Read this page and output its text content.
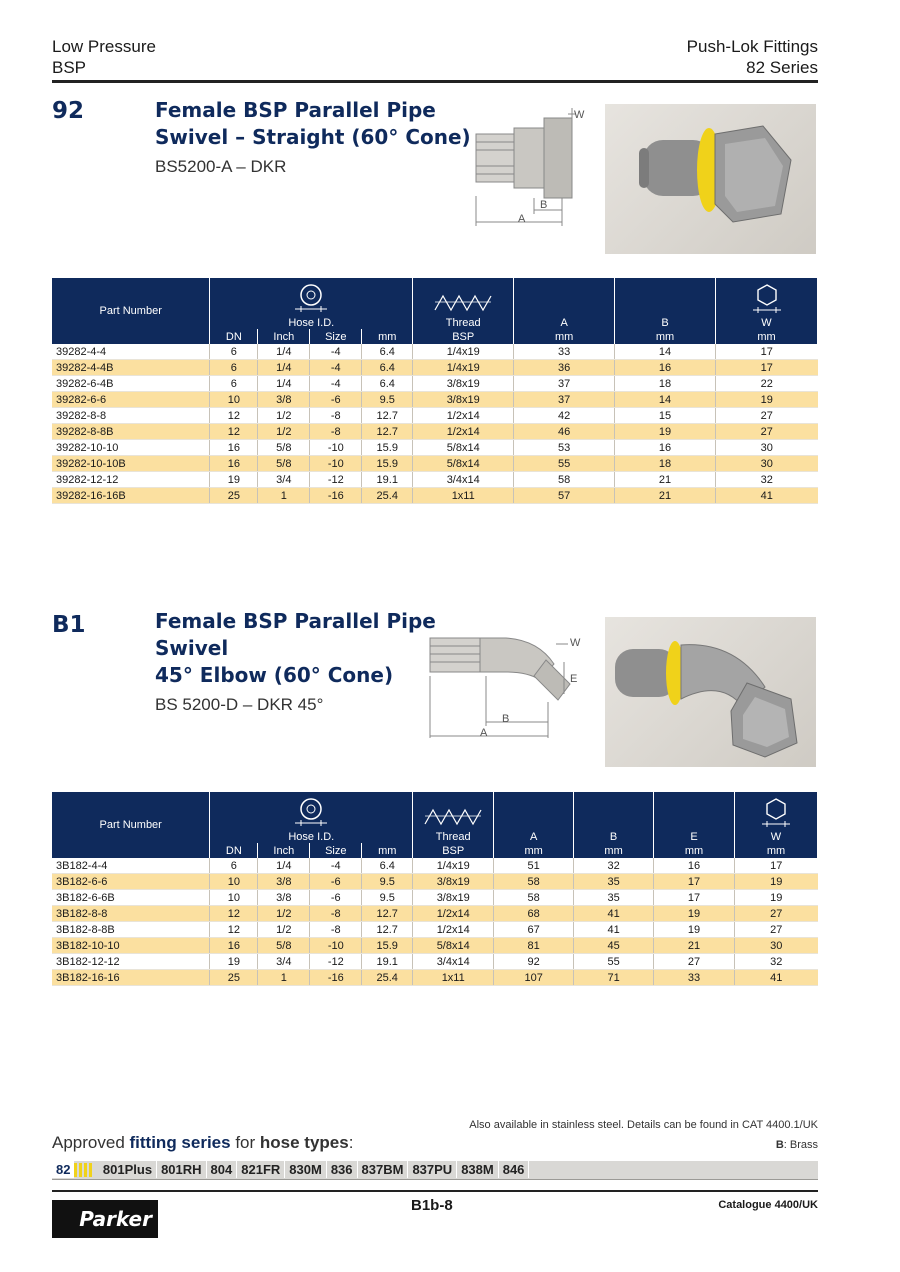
Low Pressure
BSP
Push-Lok Fittings
82 Series
92	Female BSP Parallel Pipe
Swivel – Straight (60° Cone)
BS5200-A – DKR
W
B
A
Part Number	Hose I.D.				Thread	A	B	W

	DN	Inch	Size	mm	BSP	mm	mm	mm
39282-4-4	6	1/4	-4	6.4	1/4x19	33	14	17
39282-4-4B	6	1/4	-4	6.4	1/4x19	36	16	17
39282-6-4B	6	1/4	-4	6.4	3/8x19	37	18	22
39282-6-6	10	3/8	-6	9.5	3/8x19	37	14	19
39282-8-8	12	1/2	-8	12.7	1/2x14	42	15	27
39282-8-8B	12	1/2	-8	12.7	1/2x14	46	19	27
39282-10-10	16	5/8	-10	15.9	5/8x14	53	16	30
39282-10-10B	16	5/8	-10	15.9	5/8x14	55	18	30
39282-12-12	19	3/4	-12	19.1	3/4x14	58	21	32
39282-16-16B	25	1	-16	25.4	1x11	57	21	41
B1	Female BSP Parallel Pipe
Swivel
45° Elbow (60° Cone)
BS 5200-D – DKR 45°
W
E
B
A
Part Number	Hose I.D.				Thread	A	B	E	W

	DN	Inch	Size	mm	BSP	mm	mm	mm	mm
3B182-4-4	6	1/4	-4	6.4	1/4x19	51	32	16	17
3B182-6-6	10	3/8	-6	9.5	3/8x19	58	35	17	19
3B182-6-6B	10	3/8	-6	9.5	3/8x19	58	35	17	19
3B182-8-8	12	1/2	-8	12.7	1/2x14	68	41	19	27
3B182-8-8B	12	1/2	-8	12.7	1/2x14	67	41	19	27
3B182-10-10	16	5/8	-10	15.9	5/8x14	81	45	21	30
3B182-12-12	19	3/4	-12	19.1	3/4x14	92	55	27	32
3B182-16-16	25	1	-16	25.4	1x11	107	71	33	41
Also available in stainless steel. Details can be found in CAT 4400.1/UK
B: Brass
Approved fitting series for hose types:
82 801Plus 801RH 804 821FR 830M 836 837BM 837PU 838M 846
Parker
B1b-8	Catalogue 4400/UK
